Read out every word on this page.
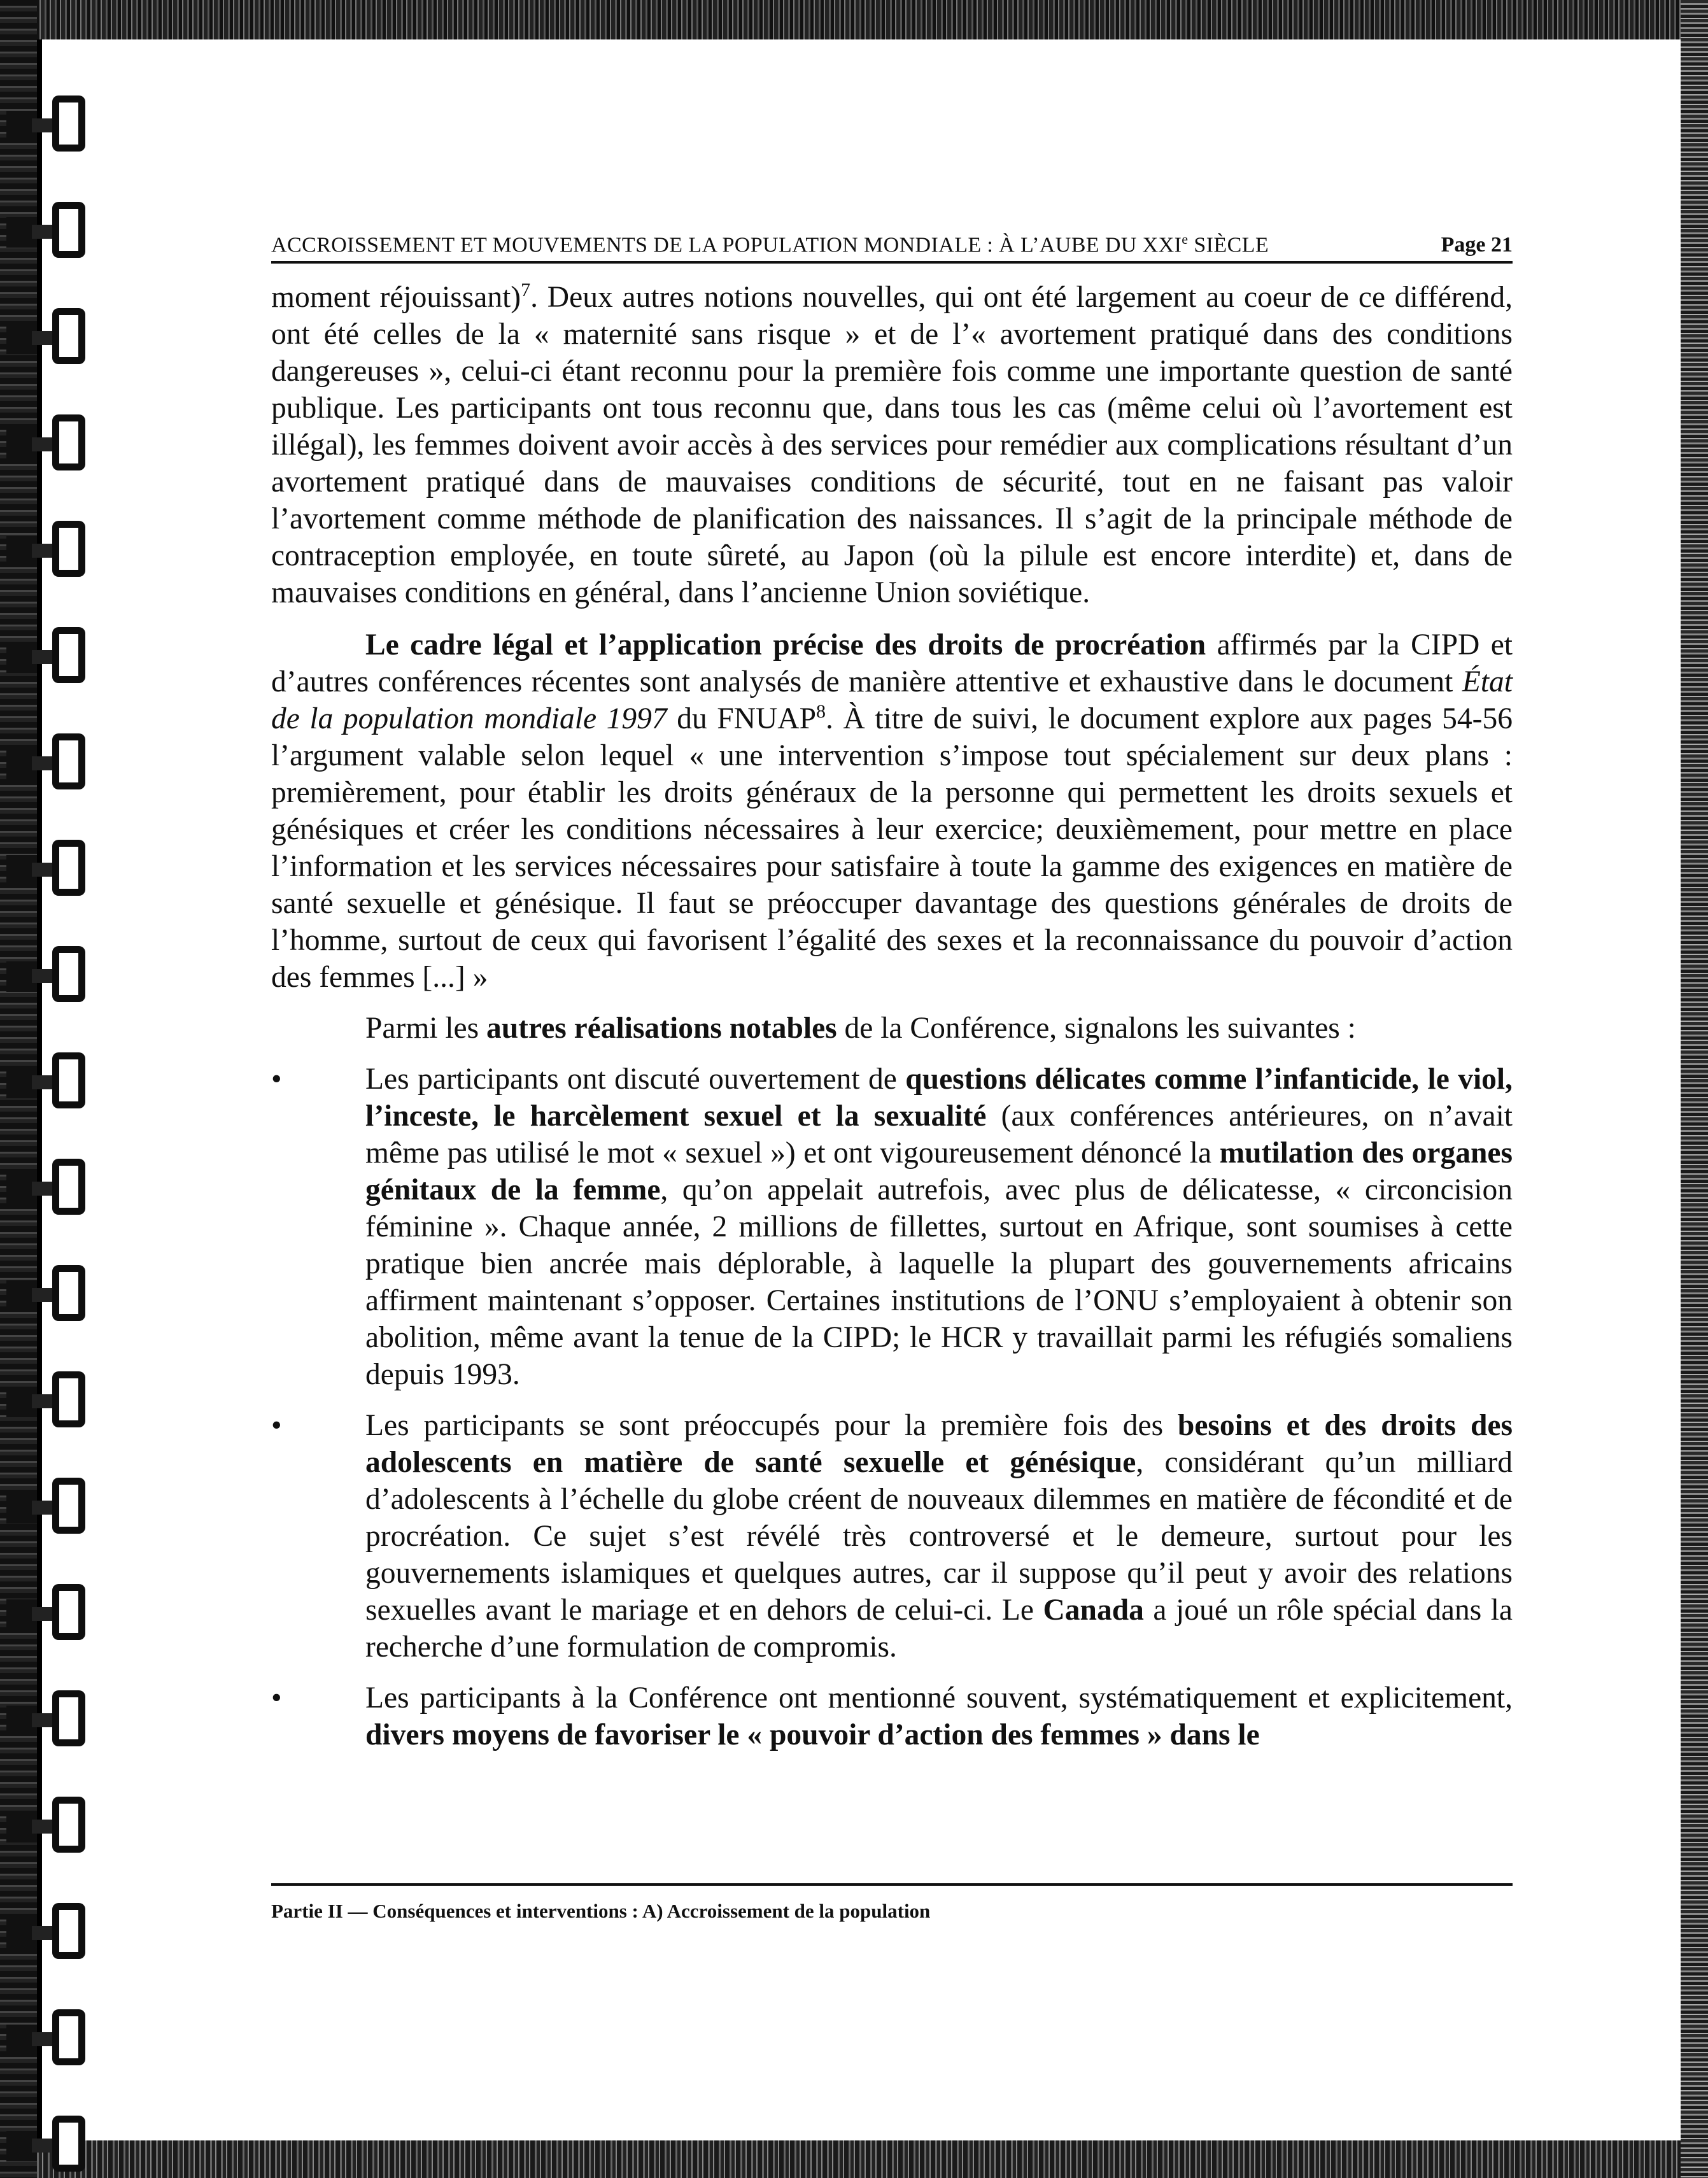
ACCROISSEMENT ET MOUVEMENTS DE LA POPULATION MONDIALE : À L’AUBE DU XXIe SIÈCLE	Page 21

moment réjouissant)$^7$. Deux autres notions nouvelles, qui ont été largement au coeur de ce différend, ont été celles de la « maternité sans risque » et de l’« avortement pratiqué dans des conditions dangereuses », celui-ci étant reconnu pour la première fois comme une importante question de santé publique. Les participants ont tous reconnu que, dans tous les cas (même celui où l’avortement est illégal), les femmes doivent avoir accès à des services pour remédier aux complications résultant d’un avortement pratiqué dans de mauvaises conditions de sécurité, tout en ne faisant pas valoir l’avortement comme méthode de planification des naissances. Il s’agit de la principale méthode de contraception employée, en toute sûreté, au Japon (où la pilule est encore interdite) et, dans de mauvaises conditions en général, dans l’ancienne Union soviétique.

Le cadre légal et l’application précise des droits de procréation affirmés par la CIPD et d’autres conférences récentes sont analysés de manière attentive et exhaustive dans le document État de la population mondiale 1997 du FNUAP$^8$. À titre de suivi, le document explore aux pages 54-56 l’argument valable selon lequel « une intervention s’impose tout spécialement sur deux plans : premièrement, pour établir les droits généraux de la personne qui permettent les droits sexuels et génésiques et créer les conditions nécessaires à leur exercice; deuxièmement, pour mettre en place l’information et les services nécessaires pour satisfaire à toute la gamme des exigences en matière de santé sexuelle et génésique. Il faut se préoccuper davantage des questions générales de droits de l’homme, surtout de ceux qui favorisent l’égalité des sexes et la reconnaissance du pouvoir d’action des femmes [...] »

Parmi les autres réalisations notables de la Conférence, signalons les suivantes :

•	Les participants ont discuté ouvertement de questions délicates comme l’infanticide, le viol, l’inceste, le harcèlement sexuel et la sexualité (aux conférences antérieures, on n’avait même pas utilisé le mot « sexuel ») et ont vigoureusement dénoncé la mutilation des organes génitaux de la femme, qu’on appelait autrefois, avec plus de délicatesse, « circoncision féminine ». Chaque année, 2 millions de fillettes, surtout en Afrique, sont soumises à cette pratique bien ancrée mais déplorable, à laquelle la plupart des gouvernements africains affirment maintenant s’opposer. Certaines institutions de l’ONU s’employaient à obtenir son abolition, même avant la tenue de la CIPD; le HCR y travaillait parmi les réfugiés somaliens depuis 1993.
•	Les participants se sont préoccupés pour la première fois des besoins et des droits des adolescents en matière de santé sexuelle et génésique, considérant qu’un milliard d’adolescents à l’échelle du globe créent de nouveaux dilemmes en matière de fécondité et de procréation. Ce sujet s’est révélé très controversé et le demeure, surtout pour les gouvernements islamiques et quelques autres, car il suppose qu’il peut y avoir des relations sexuelles avant le mariage et en dehors de celui-ci. Le Canada a joué un rôle spécial dans la recherche d’une formulation de compromis.
•	Les participants à la Conférence ont mentionné souvent, systématiquement et explicitement, divers moyens de favoriser le « pouvoir d’action des femmes » dans le
Partie II — Conséquences et interventions : A) Accroissement de la population
